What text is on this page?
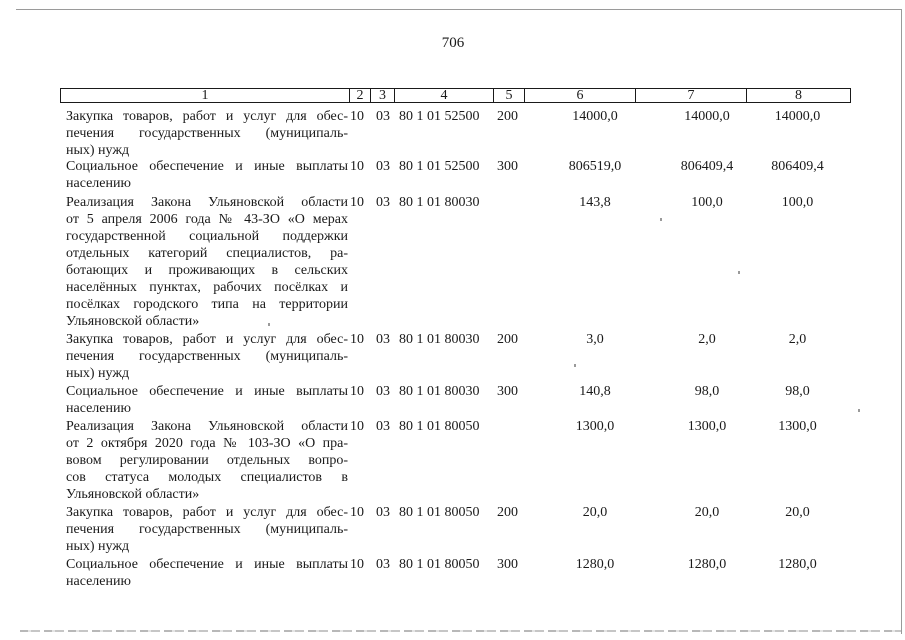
706
1	2	3	4	5	6	7	8
Закупка товаров, работ и услуг для обес-
печения государственных (муниципаль-
ных) нужд
10 03 80 1 01 52500 200	14000,0	14000,0	14000,0
Социальное обеспечение и иные выплаты
населению
10 03 80 1 01 52500 300	806519,0	806409,4	806409,4
Реализация Закона Ульяновской области
от 5 апреля 2006 года № 43-ЗО «О мерах
государственной социальной поддержки
отдельных категорий специалистов, ра-
ботающих и проживающих в сельских
населённых пунктах, рабочих посёлках и
посёлках городского типа на территории
Ульяновской области»
10 03 80 1 01 80030	143,8	100,0	100,0
Закупка товаров, работ и услуг для обес-
печения государственных (муниципаль-
ных) нужд
10 03 80 1 01 80030 200	3,0	2,0	2,0
Социальное обеспечение и иные выплаты
населению
10 03 80 1 01 80030 300	140,8	98,0	98,0
Реализация Закона Ульяновской области
от 2 октября 2020 года № 103-ЗО «О пра-
вовом регулировании отдельных вопро-
сов статуса молодых специалистов в
Ульяновской области»
10 03 80 1 01 80050	1300,0	1300,0	1300,0
Закупка товаров, работ и услуг для обес-
печения государственных (муниципаль-
ных) нужд
10 03 80 1 01 80050 200	20,0	20,0	20,0
Социальное обеспечение и иные выплаты
населению
10 03 80 1 01 80050 300	1280,0	1280,0	1280,0
